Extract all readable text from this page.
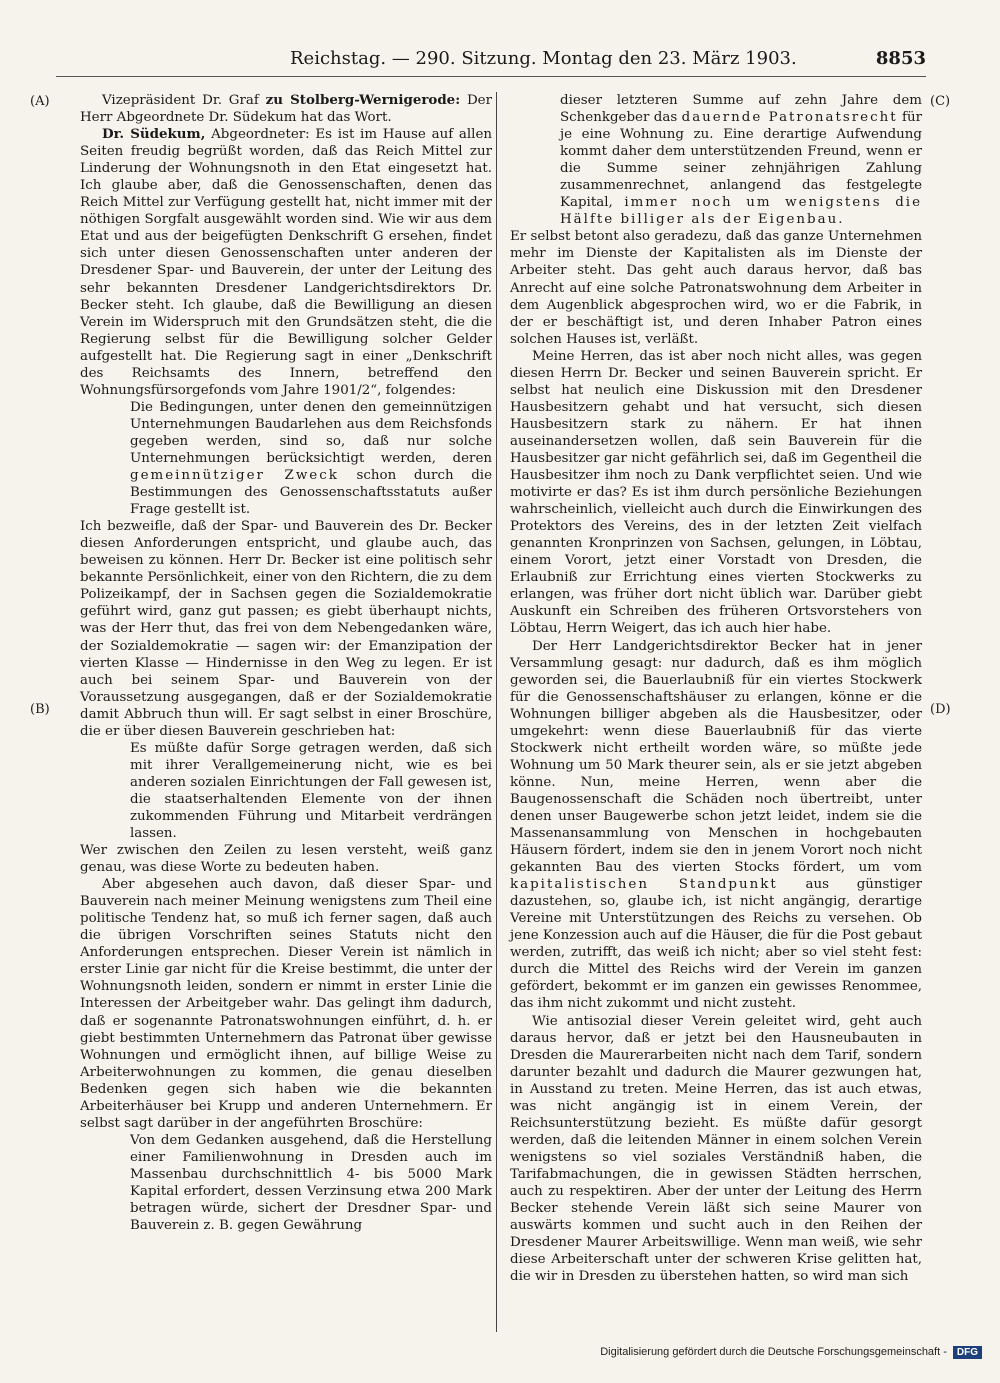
Reichstag. — 290. Sitzung. Montag den 23. März 1903.	8853
(A)
(B)
(C)
(D)

Vizepräsident Dr. Graf zu Stolberg-Wernigerode: Der Herr Abgeordnete Dr. Südekum hat das Wort.

Dr. Südekum, Abgeordneter: Es ist im Hause auf allen Seiten freudig begrüßt worden, daß das Reich Mittel zur Linderung der Wohnungsnoth in den Etat eingesetzt hat. Ich glaube aber, daß die Genossenschaften, denen das Reich Mittel zur Verfügung gestellt hat, nicht immer mit der nöthigen Sorgfalt ausgewählt worden sind. Wie wir aus dem Etat und aus der beigefügten Denkschrift G ersehen, findet sich unter diesen Genossenschaften unter anderen der Dresdener Spar- und Bauverein, der unter der Leitung des sehr bekannten Dresdener Landgerichtsdirektors Dr. Becker steht. Ich glaube, daß die Bewilligung an diesen Verein im Widerspruch mit den Grundsätzen steht, die die Regierung selbst für die Bewilligung solcher Gelder aufgestellt hat. Die Regierung sagt in einer „Denkschrift des Reichsamts des Innern, betreffend den Wohnungsfürsorgefonds vom Jahre 1901/2“, folgendes:

Die Bedingungen, unter denen den gemeinnützigen Unternehmungen Baudarlehen aus dem Reichsfonds gegeben werden, sind so, daß nur solche Unternehmungen berücksichtigt werden, deren gemeinnütziger Zweck schon durch die Bestimmungen des Genossenschaftsstatuts außer Frage gestellt ist.

Ich bezweifle, daß der Spar- und Bauverein des Dr. Becker diesen Anforderungen entspricht, und glaube auch, das beweisen zu können. Herr Dr. Becker ist eine politisch sehr bekannte Persönlichkeit, einer von den Richtern, die zu dem Polizeikampf, der in Sachsen gegen die Sozialdemokratie geführt wird, ganz gut passen; es giebt überhaupt nichts, was der Herr thut, das frei von dem Nebengedanken wäre, der Sozialdemokratie — sagen wir: der Emanzipation der vierten Klasse — Hindernisse in den Weg zu legen. Er ist auch bei seinem Spar- und Bauverein von der Voraussetzung ausgegangen, daß er der Sozialdemokratie damit Abbruch thun will. Er sagt selbst in einer Broschüre, die er über diesen Bauverein geschrieben hat:

Es müßte dafür Sorge getragen werden, daß sich mit ihrer Verallgemeinerung nicht, wie es bei anderen sozialen Einrichtungen der Fall gewesen ist, die staatserhaltenden Elemente von der ihnen zukommenden Führung und Mitarbeit verdrängen lassen.

Wer zwischen den Zeilen zu lesen versteht, weiß ganz genau, was diese Worte zu bedeuten haben.

Aber abgesehen auch davon, daß dieser Spar- und Bauverein nach meiner Meinung wenigstens zum Theil eine politische Tendenz hat, so muß ich ferner sagen, daß auch die übrigen Vorschriften seines Statuts nicht den Anforderungen entsprechen. Dieser Verein ist nämlich in erster Linie gar nicht für die Kreise bestimmt, die unter der Wohnungsnoth leiden, sondern er nimmt in erster Linie die Interessen der Arbeitgeber wahr. Das gelingt ihm dadurch, daß er sogenannte Patronatswohnungen einführt, d. h. er giebt bestimmten Unternehmern das Patronat über gewisse Wohnungen und ermöglicht ihnen, auf billige Weise zu Arbeiterwohnungen zu kommen, die genau dieselben Bedenken gegen sich haben wie die bekannten Arbeiterhäuser bei Krupp und anderen Unternehmern. Er selbst sagt darüber in der angeführten Broschüre:

Von dem Gedanken ausgehend, daß die Herstellung einer Familienwohnung in Dresden auch im Massenbau durchschnittlich 4- bis 5000 Mark Kapital erfordert, dessen Verzinsung etwa 200 Mark betragen würde, sichert der Dresdner Spar- und Bauverein z. B. gegen Gewährung
dieser letzteren Summe auf zehn Jahre dem Schenkgeber das dauernde Patronatsrecht für je eine Wohnung zu. Eine derartige Aufwendung kommt daher dem unterstützenden Freund, wenn er die Summe seiner zehnjährigen Zahlung zusammenrechnet, anlangend das festgelegte Kapital, immer noch um wenigstens die Hälfte billiger als der Eigenbau.

Er selbst betont also geradezu, daß das ganze Unternehmen mehr im Dienste der Kapitalisten als im Dienste der Arbeiter steht. Das geht auch daraus hervor, daß bas Anrecht auf eine solche Patronatswohnung dem Arbeiter in dem Augenblick abgesprochen wird, wo er die Fabrik, in der er beschäftigt ist, und deren Inhaber Patron eines solchen Hauses ist, verläßt.

Meine Herren, das ist aber noch nicht alles, was gegen diesen Herrn Dr. Becker und seinen Bauverein spricht. Er selbst hat neulich eine Diskussion mit den Dresdener Hausbesitzern gehabt und hat versucht, sich diesen Hausbesitzern stark zu nähern. Er hat ihnen auseinandersetzen wollen, daß sein Bauverein für die Hausbesitzer gar nicht gefährlich sei, daß im Gegentheil die Hausbesitzer ihm noch zu Dank verpflichtet seien. Und wie motivirte er das? Es ist ihm durch persönliche Beziehungen wahrscheinlich, vielleicht auch durch die Einwirkungen des Protektors des Vereins, des in der letzten Zeit vielfach genannten Kronprinzen von Sachsen, gelungen, in Löbtau, einem Vorort, jetzt einer Vorstadt von Dresden, die Erlaubniß zur Errichtung eines vierten Stockwerks zu erlangen, was früher dort nicht üblich war. Darüber giebt Auskunft ein Schreiben des früheren Ortsvorstehers von Löbtau, Herrn Weigert, das ich auch hier habe.

Der Herr Landgerichtsdirektor Becker hat in jener Versammlung gesagt: nur dadurch, daß es ihm möglich geworden sei, die Bauerlaubniß für ein viertes Stockwerk für die Genossenschaftshäuser zu erlangen, könne er die Wohnungen billiger abgeben als die Hausbesitzer, oder umgekehrt: wenn diese Bauerlaubniß für das vierte Stockwerk nicht ertheilt worden wäre, so müßte jede Wohnung um 50 Mark theurer sein, als er sie jetzt abgeben könne. Nun, meine Herren, wenn aber die Baugenossenschaft die Schäden noch übertreibt, unter denen unser Baugewerbe schon jetzt leidet, indem sie die Massenansammlung von Menschen in hochgebauten Häusern fördert, indem sie den in jenem Vorort noch nicht gekannten Bau des vierten Stocks fördert, um vom kapitalistischen Standpunkt aus günstiger dazustehen, so, glaube ich, ist nicht angängig, derartige Vereine mit Unterstützungen des Reichs zu versehen. Ob jene Konzession auch auf die Häuser, die für die Post gebaut werden, zutrifft, das weiß ich nicht; aber so viel steht fest: durch die Mittel des Reichs wird der Verein im ganzen gefördert, bekommt er im ganzen ein gewisses Renommee, das ihm nicht zukommt und nicht zusteht.

Wie antisozial dieser Verein geleitet wird, geht auch daraus hervor, daß er jetzt bei den Hausneubauten in Dresden die Maurerarbeiten nicht nach dem Tarif, sondern darunter bezahlt und dadurch die Maurer gezwungen hat, in Ausstand zu treten. Meine Herren, das ist auch etwas, was nicht angängig ist in einem Verein, der Reichsunterstützung bezieht. Es müßte dafür gesorgt werden, daß die leitenden Männer in einem solchen Verein wenigstens so viel soziales Verständniß haben, die Tarifabmachungen, die in gewissen Städten herrschen, auch zu respektiren. Aber der unter der Leitung des Herrn Becker stehende Verein läßt sich seine Maurer von auswärts kommen und sucht auch in den Reihen der Dresdener Maurer Arbeitswillige. Wenn man weiß, wie sehr diese Arbeiterschaft unter der schweren Krise gelitten hat, die wir in Dresden zu überstehen hatten, so wird man sich

Digitalisierung gefördert durch die Deutsche Forschungsgemeinschaft - DFG
